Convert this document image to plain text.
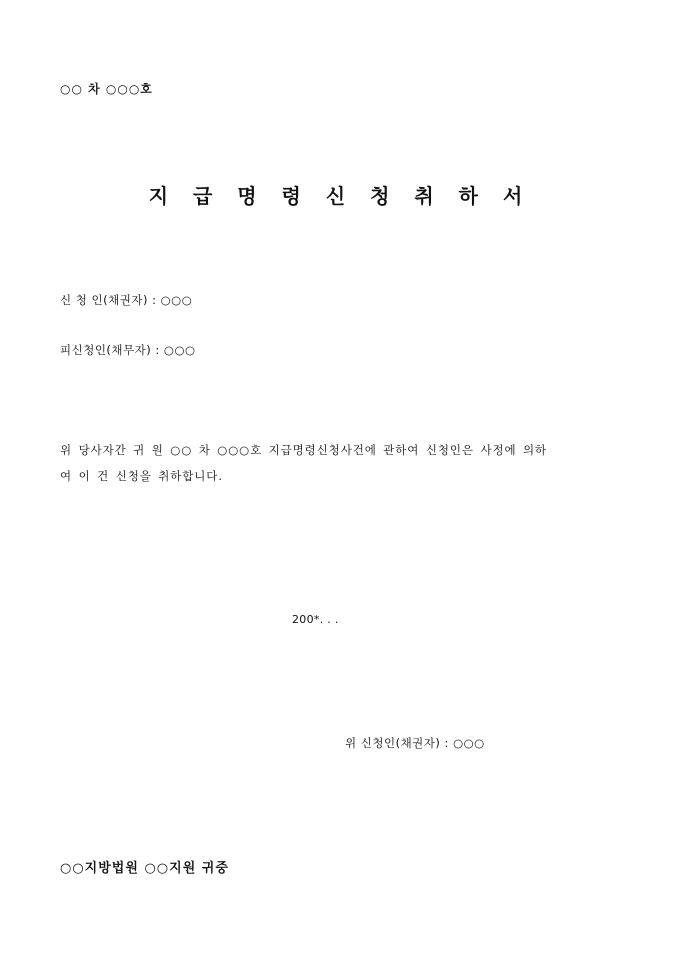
○○ 차 ○○○호
지 급 명 령 신 청 취 하 서
신 청 인(채권자) : ○○○
피신청인(채무자) : ○○○
위 당사자간 귀 원 ○○ 차 ○○○호 지급명령신청사건에 관하여 신청인은 사정에 의하
여 이 건 신청을 취하합니다.
200*. . .
위 신청인(채권자) : ○○○
○○지방법원 ○○지원 귀중
